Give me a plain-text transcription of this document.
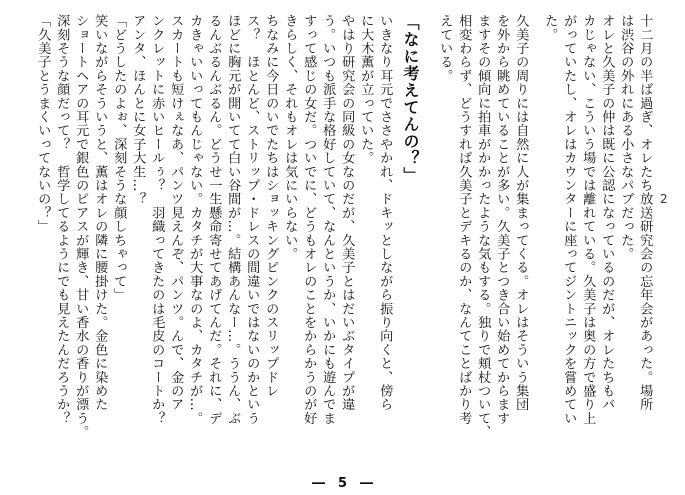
2
十二月の半ば過ぎ、オレたち放送研究会の忘年会があった。場所
は渋谷の外れにある小さなパブだった。
オレと久美子の仲は既に公認になっているのだが、オレたちもバ
カじゃない、こういう場では離れている。久美子は奥の方で盛り上
がっていたし、オレはカウンターに座ってジントニックを嘗めてい
た。
久美子の周りには自然に人が集まってくる。オレはそういう集団
を外から眺めていることが多い。久美子とつき合い始めてからます
ますその傾向に拍車がかかったような気もする。独りで頬杖ついて、
相変わらず、どうすれば久美子とデキるのか、なんてことばかり考
えている。
「なに考えてんの？」
いきなり耳元でささやかれ、ドキッとしながら振り向くと、傍ら
に大木薫が立っていた。
やはり研究会の同級の女なのだが、久美子とはだいぶタイプが違
う。いつも派手な格好していて、なんというか、いかにも遊んでま
すって感じの女だ。ついでに、どうもオレのことをからかうのが好
きらしく、それもオレは気にいらない。
ちなみに今日のいでたちはショッキングピンクのスリップドレ
ス？　ほとんど、ストリップ・ドレスの間違いではないのかという
ほどに胸元が開いてて白い谷間が…。結構あんなー…。ううん、ぶ
るんぶるんぶるん。どうせ一生懸命寄せてあげてんだ。それに、デ
カきゃいいってもんじゃない。カタチが大事なのよ、カタチが…。
スカートも短けぇなあ、パンツ見えんぞ、パンツ。んで、金のア
ンクレットに赤いヒールぅ？　羽織ってきたのは毛皮のコートか？
アンタ、ほんとに女子大生…？
「どうしたのよぉ、深刻そうな顔しちゃって」
笑いながらそういうと、薫はオレの隣に腰掛けた。金色に染めた
ショートヘアの耳元で銀色のピアスが輝き、甘い香水の香りが漂う。
深刻そうな顔だって？　哲学してるようにでも見えたんだろうか？
「久美子とうまくいってないの？」
―　5　―
